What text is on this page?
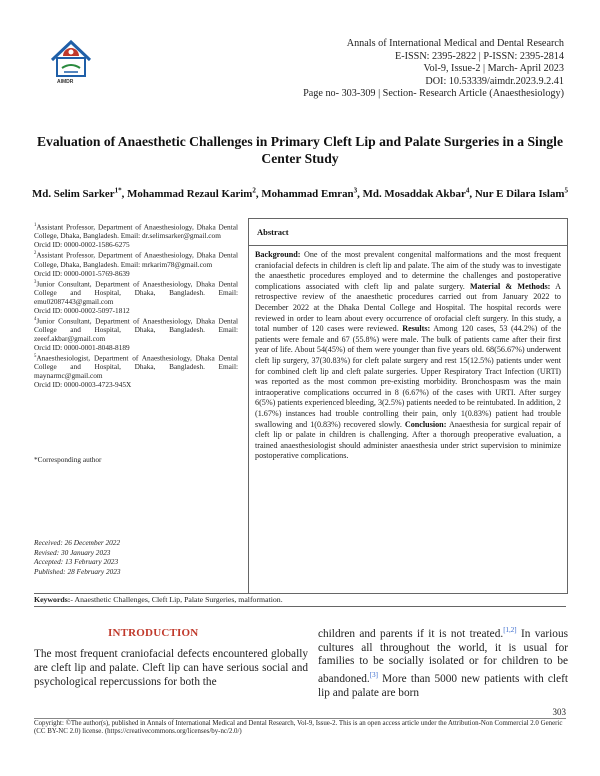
AIMDR
Annals of International Medical and Dental Research
E-ISSN: 2395-2822 | P-ISSN: 2395-2814
Vol-9, Issue-2 | March- April 2023
DOI: 10.53339/aimdr.2023.9.2.41
Page no- 303-309 | Section- Research Article (Anaesthesiology)
Evaluation of Anaesthetic Challenges in Primary Cleft Lip and Palate Surgeries in a Single Center Study
Md. Selim Sarker$^{1*}$, Mohammad Rezaul Karim$^2$, Mohammad Emran$^3$, Md. Mosaddak Akbar$^4$, Nur E Dilara Islam$^5$

$^1$Assistant Professor, Department of Anaesthesiology, Dhaka Dental College, Dhaka, Bangladesh. Email: dr.selimsarker@gmail.com

Orcid ID: 0000-0002-1586-6275

$^2$Assistant Professor, Department of Anaesthesiology, Dhaka Dental College, Dhaka, Bangladesh. Email: mrkarim78@gmail.com

Orcid ID: 0000-0001-5769-8639

$^3$Junior Consultant, Department of Anaesthesiology, Dhaka Dental College and Hospital, Dhaka, Bangladesh. Email: emu02087443@gmail.com

Orcid ID: 0000-0002-5097-1812

$^4$Junior Consultant, Department of Anaesthesiology, Dhaka Dental College and Hospital, Dhaka, Bangladesh. Email: zeeef.akbar@gmail.com

Orcid ID: 0000-0001-8048-8189

$^5$Anaesthesiologist, Department of Anaesthesiology, Dhaka Dental College and Hospital, Dhaka, Bangladesh. Email: maynarmc@gmail.com

Orcid ID: 0000-0003-4723-945X

*Corresponding author
Received: 26 December 2022
Revised: 30 January 2023
Accepted: 13 February 2023
Published: 28 February 2023
Abstract
Background: One of the most prevalent congenital malformations and the most frequent craniofacial defects in children is cleft lip and palate. The aim of the study was to investigate the anaesthetic procedures employed and to determine the challenges and postoperative complications associated with cleft lip and palate surgery. Material & Methods: A retrospective review of the anaesthetic procedures carried out from January 2022 to December 2022 at the Dhaka Dental College and Hospital. The hospital records were reviewed in order to learn about every occurrence of orofacial cleft surgery. In this study, a total number of 120 cases were reviewed. Results: Among 120 cases, 53 (44.2%) of the patients were female and 67 (55.8%) were male. The bulk of patients came after their first year of life. About 54(45%) of them were younger than five years old. 68(56.67%) underwent cleft lip surgery, 37(30.83%) for cleft palate surgery and rest 15(12.5%) patients under went for combined cleft lip and cleft palate surgeries. Upper Respiratory Tract Infection (URTI) was reported as the most common pre-existing morbidity. Bronchospasm was the main intraoperative complications occurred in 8 (6.67%) of the cases with URTI. After surgey 6(5%) patients experienced bleeding, 3(2.5%) patients needed to be reintubated. In addition, 2 (1.67%) instances had trouble controlling their pain, only 1(0.83%) patient had trouble swallowing and 1(0.83%) recovered slowly. Conclusion: Anaesthesia for surgical repair of cleft lip or palate in children is challenging. After a thorough preoperative evaluation, a trained anaesthesiologist should administer anaesthesia under strict supervision to minimize postoperative complications.
Keywords:- Anaesthetic Challenges, Cleft Lip, Palate Surgeries, malformation.
INTRODUCTION
The most frequent craniofacial defects encountered globally are cleft lip and palate. Cleft lip can have serious social and psychological repercussions for both the
children and parents if it is not treated.[1,2] In various cultures all throughout the world, it is usual for families to be socially isolated or for children to be abandoned.[3] More than 5000 new patients with cleft lip and palate are born
303
Copyright: ©The author(s), published in Annals of International Medical and Dental Research, Vol-9, Issue-2. This is an open access article under the Attribution-Non Commercial 2.0 Generic (CC BY-NC 2.0) license. (https://creativecommons.org/licenses/by-nc/2.0/)
